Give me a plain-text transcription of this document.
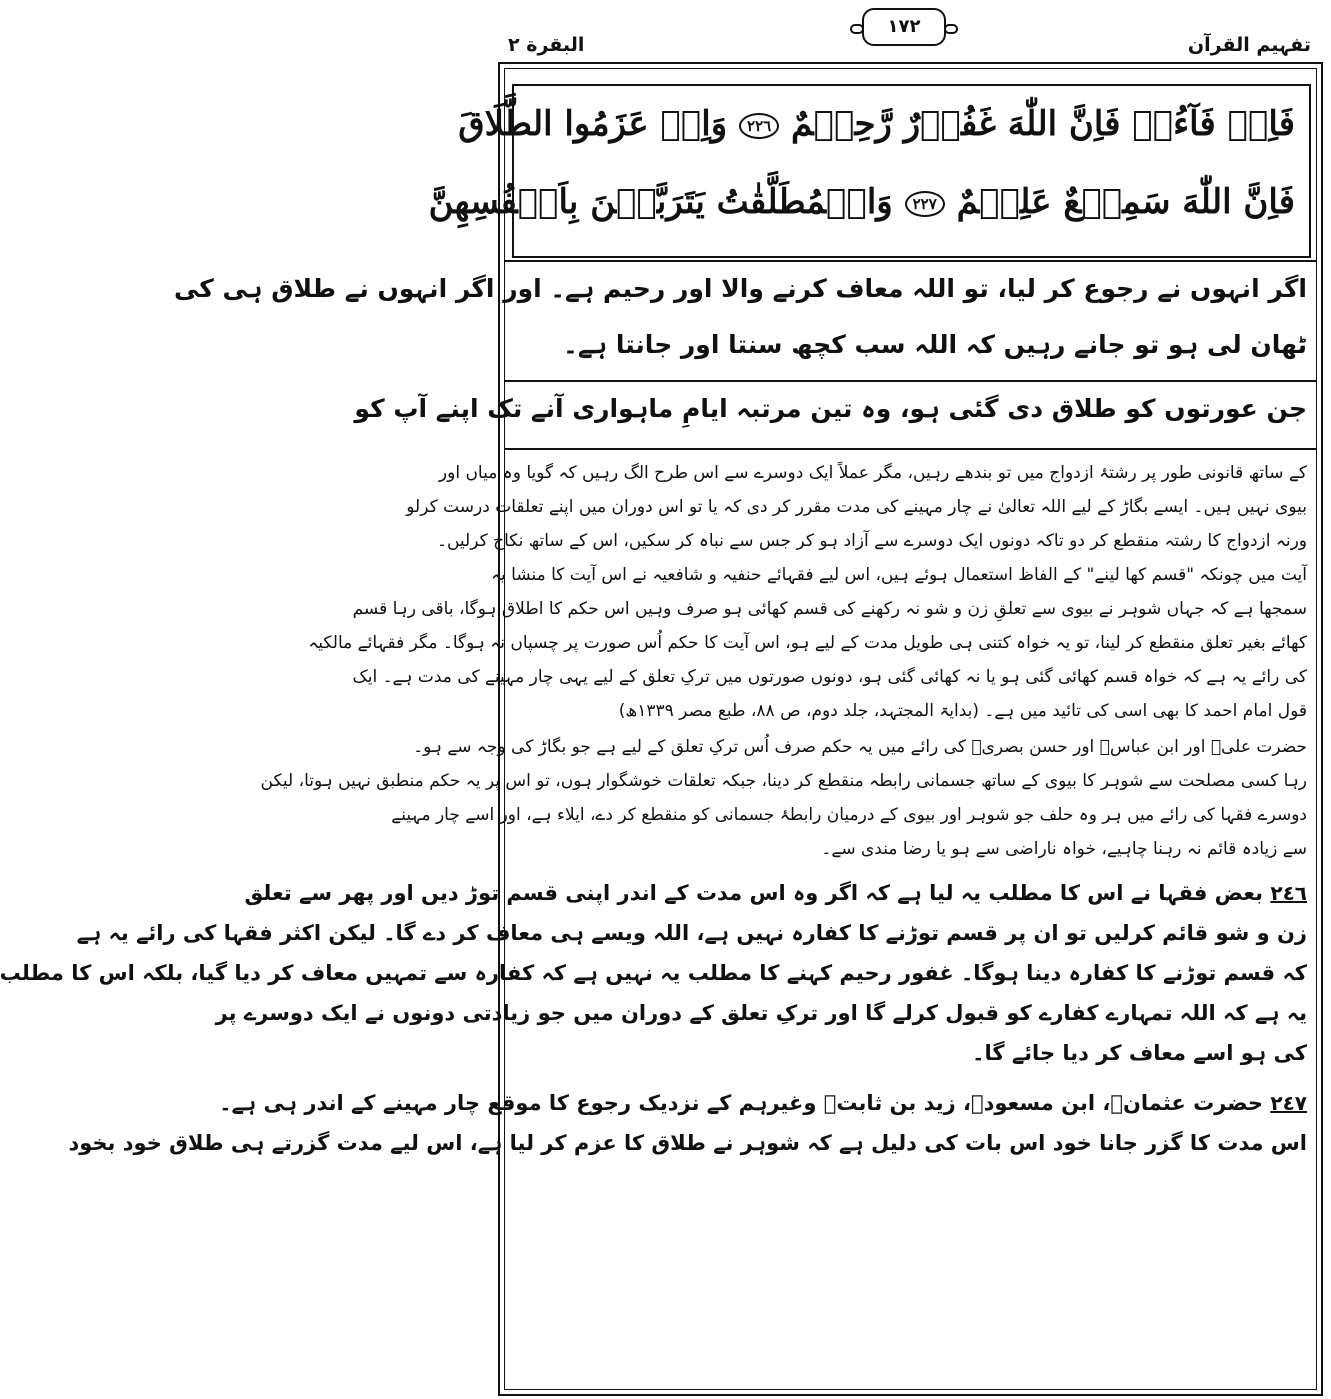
البقرة ٢
١٧٢
تفہیم القرآن
فَاِنۡ فَآءُوۡ فَاِنَّ اللّٰهَ غَفُوۡرٌ رَّحِيۡمٌ ٢٢٦ وَاِنۡ عَزَمُوا الطَّلَاقَ
فَاِنَّ اللّٰهَ سَمِيۡعٌ عَلِيۡمٌ ٢٢٧ وَالۡمُطَلَّقٰتُ يَتَرَبَّصۡنَ بِاَنۡفُسِهِنَّ
اگر انہوں نے رجوع کر لیا، تو اللہ معاف کرنے والا اور رحیم ہے۔ اور اگر انہوں نے طلاق ہی کی
ٹھان لی ہو تو جانے رہیں کہ اللہ سب کچھ سنتا اور جانتا ہے۔
جن عورتوں کو طلاق دی گئی ہو، وہ تین مرتبہ ایامِ ماہواری آنے تک اپنے آپ کو
کے ساتھ قانونی طور پر رشتۂ ازدواج میں تو بندھے رہیں، مگر عملاً ایک دوسرے سے اس طرح الگ رہیں کہ گویا وہ میاں اور
بیوی نہیں ہیں۔ ایسے بگاڑ کے لیے اللہ تعالیٰ نے چار مہینے کی مدت مقرر کر دی کہ یا تو اس دوران میں اپنے تعلقات درست کرلو
ورنہ ازدواج کا رشتہ منقطع کر دو تاکہ دونوں ایک دوسرے سے آزاد ہو کر جس سے نباہ کر سکیں، اس کے ساتھ نکاح کرلیں۔
آیت میں چونکہ "قسم کھا لینے" کے الفاظ استعمال ہوئے ہیں، اس لیے فقہائے حنفیہ و شافعیہ نے اس آیت کا منشا یہ
سمجھا ہے کہ جہاں شوہر نے بیوی سے تعلقِ زن و شو نہ رکھنے کی قسم کھائی ہو صرف وہیں اس حکم کا اطلاق ہوگا، باقی رہا قسم
کھائے بغیر تعلق منقطع کر لینا، تو یہ خواہ کتنی ہی طویل مدت کے لیے ہو، اس آیت کا حکم اُس صورت پر چسپاں نہ ہوگا۔ مگر فقہائے مالکیہ
کی رائے یہ ہے کہ خواہ قسم کھائی گئی ہو یا نہ کھائی گئی ہو، دونوں صورتوں میں ترکِ تعلق کے لیے یہی چار مہینے کی مدت ہے۔ ایک
قول امام احمد کا بھی اسی کی تائید میں ہے۔ (بدایۃ المجتہد، جلد دوم، ص ۸۸، طبع مصر ۱۳۳۹ھ)
حضرت علیؓ اور ابن عباسؓ اور حسن بصریؒ کی رائے میں یہ حکم صرف اُس ترکِ تعلق کے لیے ہے جو بگاڑ کی وجہ سے ہو۔
رہا کسی مصلحت سے شوہر کا بیوی کے ساتھ جسمانی رابطہ منقطع کر دینا، جبکہ تعلقات خوشگوار ہوں، تو اس پر یہ حکم منطبق نہیں ہوتا، لیکن
دوسرے فقہا کی رائے میں ہر وہ حلف جو شوہر اور بیوی کے درمیان رابطۂ جسمانی کو منقطع کر دے، ایلاء ہے، اور اسے چار مہینے
سے زیادہ قائم نہ رہنا چاہیے، خواہ ناراضی سے ہو یا رضا مندی سے۔
٢٤٦ بعض فقہا نے اس کا مطلب یہ لیا ہے کہ اگر وہ اس مدت کے اندر اپنی قسم توڑ دیں اور پھر سے تعلق
زن و شو قائم کرلیں تو ان پر قسم توڑنے کا کفارہ نہیں ہے، اللہ ویسے ہی معاف کر دے گا۔ لیکن اکثر فقہا کی رائے یہ ہے
کہ قسم توڑنے کا کفارہ دینا ہوگا۔ غفور رحیم کہنے کا مطلب یہ نہیں ہے کہ کفارہ سے تمہیں معاف کر دیا گیا، بلکہ اس کا مطلب
یہ ہے کہ اللہ تمہارے کفارے کو قبول کرلے گا اور ترکِ تعلق کے دوران میں جو زیادتی دونوں نے ایک دوسرے پر
کی ہو اسے معاف کر دیا جائے گا۔
٢٤٧ حضرت عثمانؓ، ابن مسعودؓ، زید بن ثابتؓ وغیرہم کے نزدیک رجوع کا موقع چار مہینے کے اندر ہی ہے۔
اس مدت کا گزر جانا خود اس بات کی دلیل ہے کہ شوہر نے طلاق کا عزم کر لیا ہے، اس لیے مدت گزرتے ہی طلاق خود بخود
